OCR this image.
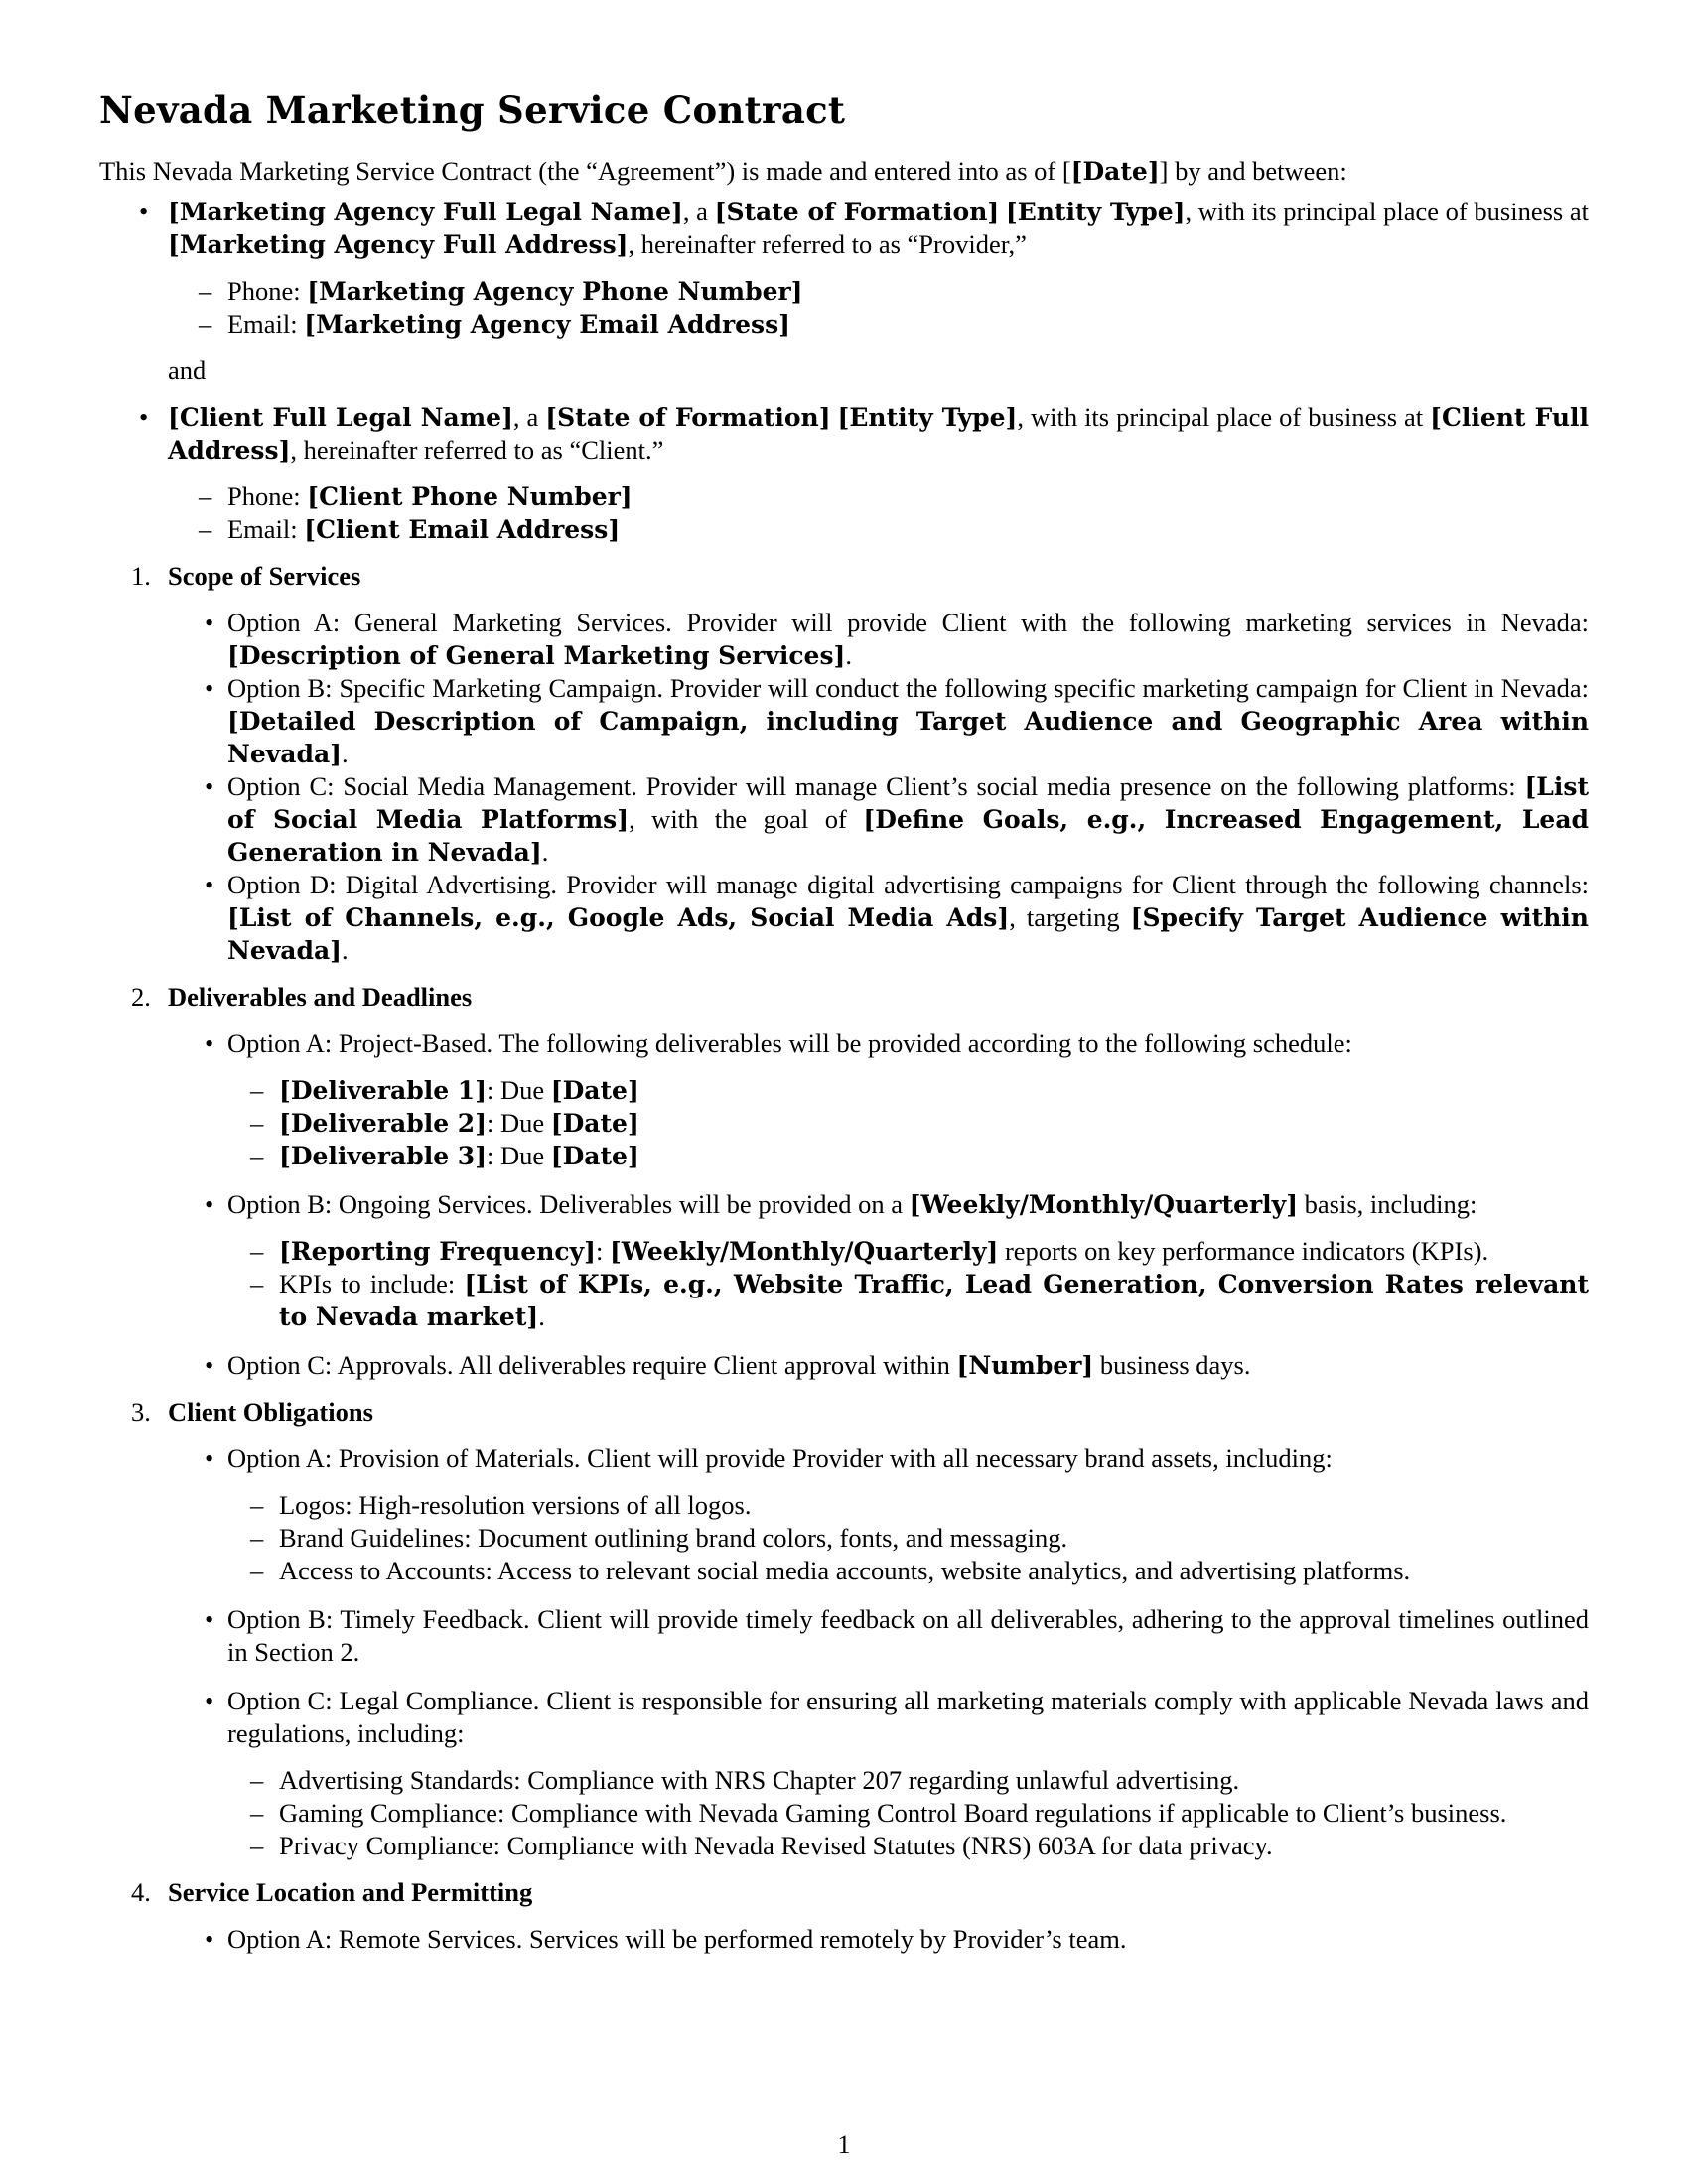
Nevada Marketing Service Contract

This Nevada Marketing Service Contract (the “Agreement”) is made and entered into as of [[Date]] by and between:

• [Marketing Agency Full Legal Name], a [State of Formation] [Entity Type], with its principal place of business at [Marketing Agency Full Address], hereinafter referred to as “Provider,”
– Phone: [Marketing Agency Phone Number]
– Email: [Marketing Agency Email Address]
and
• [Client Full Legal Name], a [State of Formation] [Entity Type], with its principal place of business at [Client Full Address], hereinafter referred to as “Client.”
– Phone: [Client Phone Number]
– Email: [Client Email Address]
1. Scope of Services
• Option A: General Marketing Services. Provider will provide Client with the following marketing services in Nevada: [Description of General Marketing Services].
• Option B: Specific Marketing Campaign. Provider will conduct the following specific marketing campaign for Client in Nevada: [Detailed Description of Campaign, including Target Audience and Geographic Area within Nevada].
• Option C: Social Media Management. Provider will manage Client’s social media presence on the following platforms: [List of Social Media Platforms], with the goal of [Define Goals, e.g., Increased Engagement, Lead Generation in Nevada].
• Option D: Digital Advertising. Provider will manage digital advertising campaigns for Client through the following channels: [List of Channels, e.g., Google Ads, Social Media Ads], targeting [Specify Target Audience within Nevada].
2. Deliverables and Deadlines
• Option A: Project-Based. The following deliverables will be provided according to the following schedule:
– [Deliverable 1]: Due [Date]
– [Deliverable 2]: Due [Date]
– [Deliverable 3]: Due [Date]
• Option B: Ongoing Services. Deliverables will be provided on a [Weekly/Monthly/Quarterly] basis, including:
– [Reporting Frequency]: [Weekly/Monthly/Quarterly] reports on key performance indicators (KPIs).
– KPIs to include: [List of KPIs, e.g., Website Traffic, Lead Generation, Conversion Rates relevant to Nevada market].
• Option C: Approvals. All deliverables require Client approval within [Number] business days.
3. Client Obligations
• Option A: Provision of Materials. Client will provide Provider with all necessary brand assets, including:
– Logos: High-resolution versions of all logos.
– Brand Guidelines: Document outlining brand colors, fonts, and messaging.
– Access to Accounts: Access to relevant social media accounts, website analytics, and advertising platforms.
• Option B: Timely Feedback. Client will provide timely feedback on all deliverables, adhering to the approval timelines outlined in Section 2.
• Option C: Legal Compliance. Client is responsible for ensuring all marketing materials comply with applicable Nevada laws and regulations, including:
– Advertising Standards: Compliance with NRS Chapter 207 regarding unlawful advertising.
– Gaming Compliance: Compliance with Nevada Gaming Control Board regulations if applicable to Client’s business.
– Privacy Compliance: Compliance with Nevada Revised Statutes (NRS) 603A for data privacy.
4. Service Location and Permitting
• Option A: Remote Services. Services will be performed remotely by Provider’s team.
1
